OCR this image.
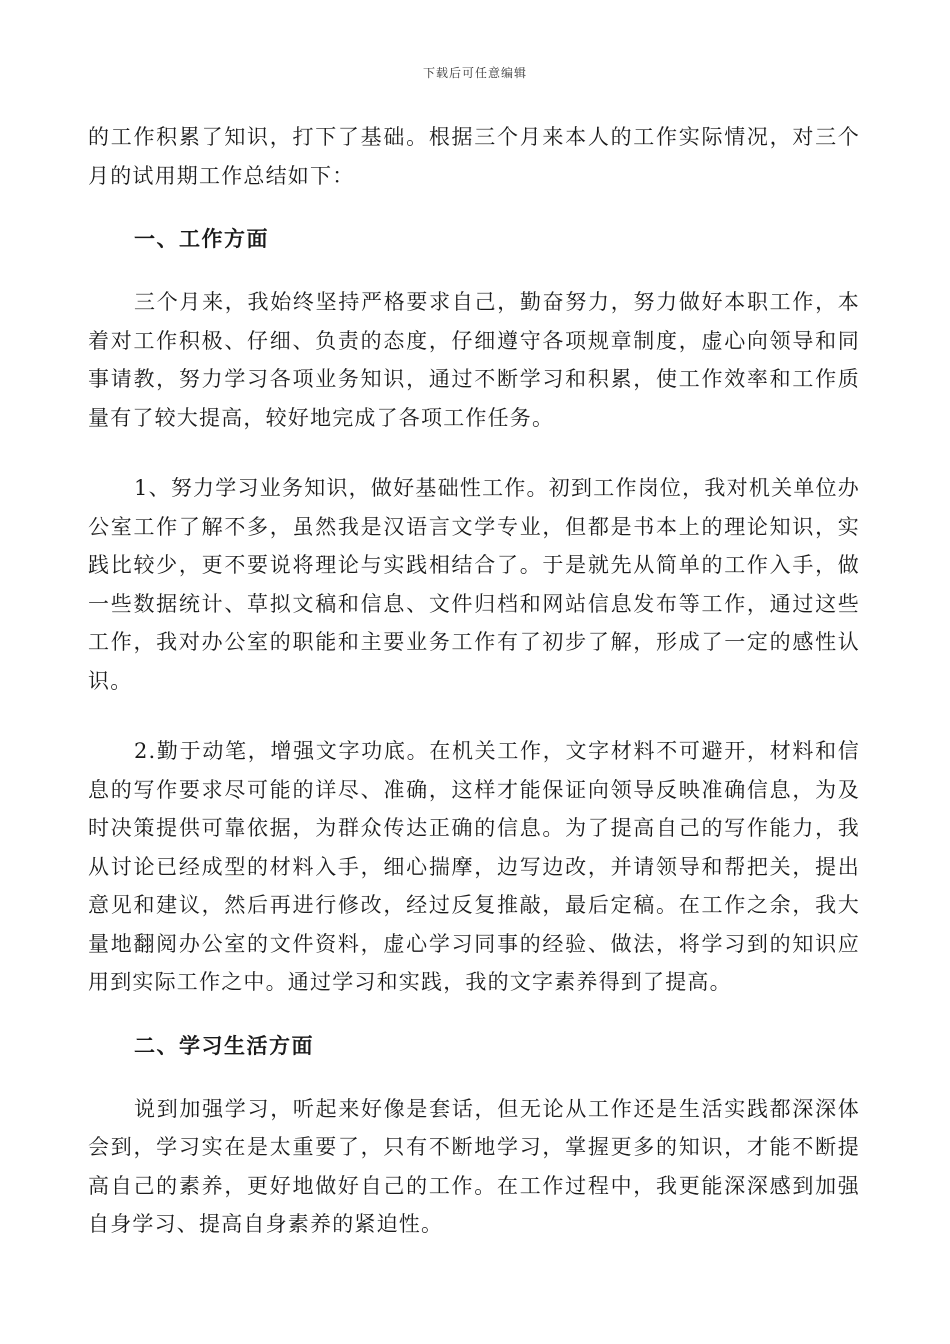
下载后可任意编辑

的工作积累了知识，打下了基础。根据三个月来本人的工作实际情况，对三个月的试用期工作总结如下：

一、工作方面

三个月来，我始终坚持严格要求自己，勤奋努力，努力做好本职工作，本着对工作积极、仔细、负责的态度，仔细遵守各项规章制度，虚心向领导和同事请教，努力学习各项业务知识，通过不断学习和积累，使工作效率和工作质量有了较大提高，较好地完成了各项工作任务。

1、努力学习业务知识，做好基础性工作。初到工作岗位，我对机关单位办公室工作了解不多，虽然我是汉语言文学专业，但都是书本上的理论知识，实践比较少，更不要说将理论与实践相结合了。于是就先从简单的工作入手，做一些数据统计、草拟文稿和信息、文件归档和网站信息发布等工作，通过这些工作，我对办公室的职能和主要业务工作有了初步了解，形成了一定的感性认识。

2.勤于动笔，增强文字功底。在机关工作，文字材料不可避开，材料和信息的写作要求尽可能的详尽、准确，这样才能保证向领导反映准确信息，为及时决策提供可靠依据，为群众传达正确的信息。为了提高自己的写作能力，我从讨论已经成型的材料入手，细心揣摩，边写边改，并请领导和帮把关，提出意见和建议，然后再进行修改，经过反复推敲，最后定稿。在工作之余，我大量地翻阅办公室的文件资料，虚心学习同事的经验、做法，将学习到的知识应用到实际工作之中。通过学习和实践，我的文字素养得到了提高。

二、学习生活方面

说到加强学习，听起来好像是套话，但无论从工作还是生活实践都深深体会到，学习实在是太重要了，只有不断地学习，掌握更多的知识，才能不断提高自己的素养，更好地做好自己的工作。在工作过程中，我更能深深感到加强自身学习、提高自身素养的紧迫性。
